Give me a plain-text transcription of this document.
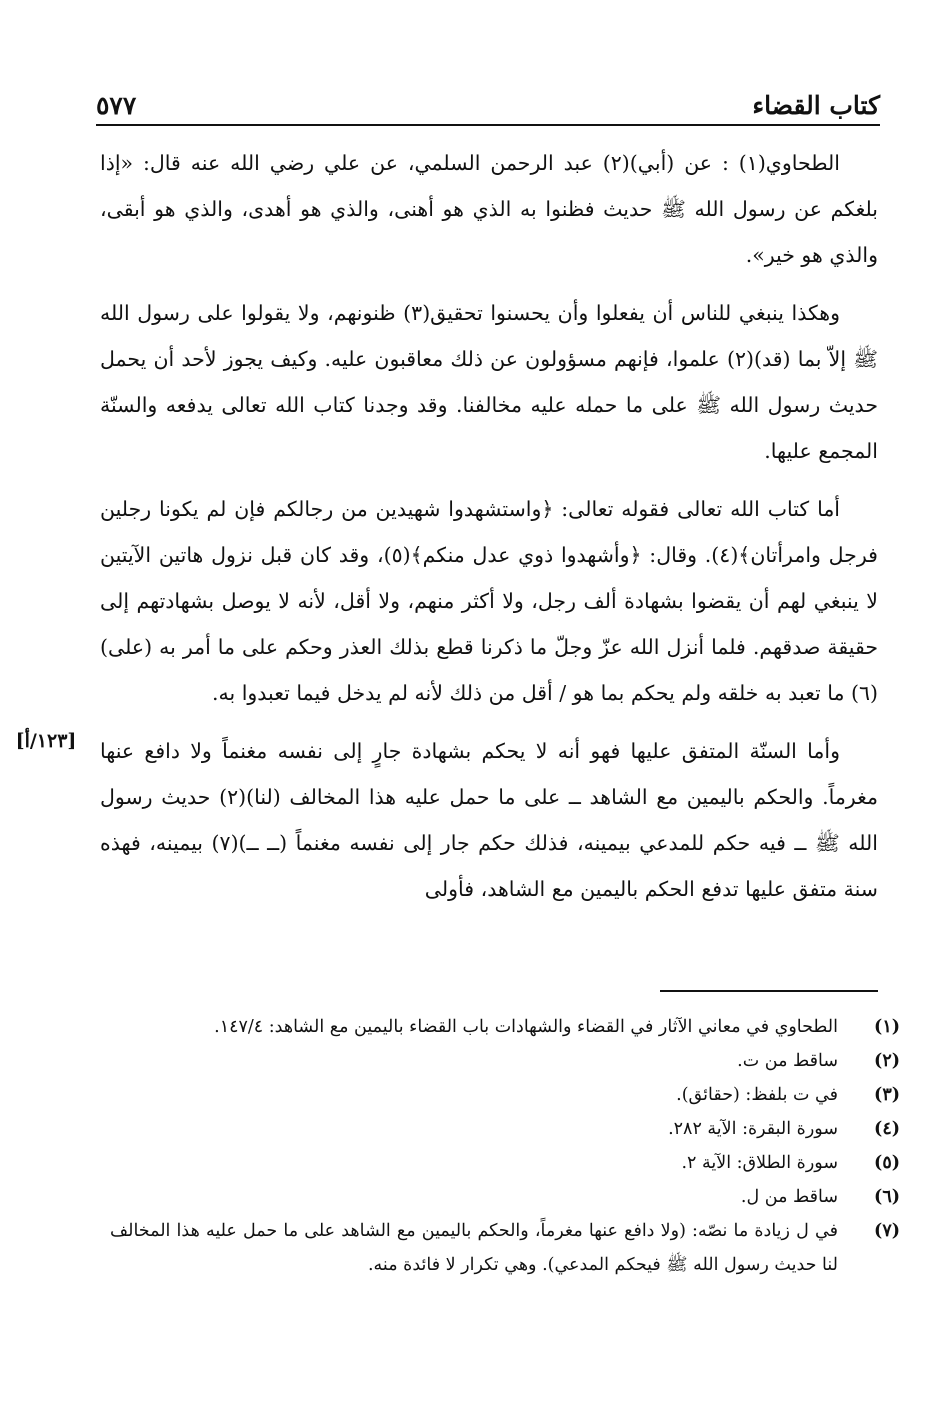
٥٧٧	كتاب القضاء
[١٢٣/أ]

الطحاوي(١) : عن (أبي)(٢) عبد الرحمن السلمي، عن علي رضي الله عنه قال: «إذا بلغكم عن رسول الله ﷺ حديث فظنوا به الذي هو أهنى، والذي هو أهدى، والذي هو أبقى، والذي هو خير».

وهكذا ينبغي للناس أن يفعلوا وأن يحسنوا تحقيق(٣) ظنونهم، ولا يقولوا على رسول الله ﷺ إلاّ بما (قد)(٢) علموا، فإنهم مسؤولون عن ذلك معاقبون عليه. وكيف يجوز لأحد أن يحمل حديث رسول الله ﷺ على ما حمله عليه مخالفنا. وقد وجدنا كتاب الله تعالى يدفعه والسنّة المجمع عليها.

أما كتاب الله تعالى فقوله تعالى: ﴿واستشهدوا شهيدين من رجالكم فإن لم يكونا رجلين فرجل وامرأتان﴾(٤). وقال: ﴿وأشهدوا ذوي عدل منكم﴾(٥)، وقد كان قبل نزول هاتين الآيتين لا ينبغي لهم أن يقضوا بشهادة ألف رجل، ولا أكثر منهم، ولا أقل، لأنه لا يوصل بشهادتهم إلى حقيقة صدقهم. فلما أنزل الله عزّ وجلّ ما ذكرنا قطع بذلك العذر وحكم على ما أمر به (على)(٦) ما تعبد به خلقه ولم يحكم بما هو / أقل من ذلك لأنه لم يدخل فيما تعبدوا به.

وأما السنّة المتفق عليها فهو أنه لا يحكم بشهادة جارٍ إلى نفسه مغنماً ولا دافع عنها مغرماً. والحكم باليمين مع الشاهد ــ على ما حمل عليه هذا المخالف (لنا)(٢) حديث رسول الله ﷺ ــ فيه حكم للمدعي بيمينه، فذلك حكم جار إلى نفسه مغنماً (ــ ــ)(٧) بيمينه، فهذه سنة متفق عليها تدفع الحكم باليمين مع الشاهد، فأولى

(١)
الطحاوي في معاني الآثار في القضاء والشهادات باب القضاء باليمين مع الشاهد: ١٤٧/٤.
(٢)
ساقط من ت.
(٣)
في ت بلفظ: (حقائق).
(٤)
سورة البقرة: الآية ٢٨٢.
(٥)
سورة الطلاق: الآية ٢.
(٦)
ساقط من ل.
(٧)
في ل زيادة ما نصّه: (ولا دافع عنها مغرماً، والحكم باليمين مع الشاهد على ما حمل عليه هذا المخالف لنا حديث رسول الله ﷺ فيحكم المدعي). وهي تكرار لا فائدة منه.
